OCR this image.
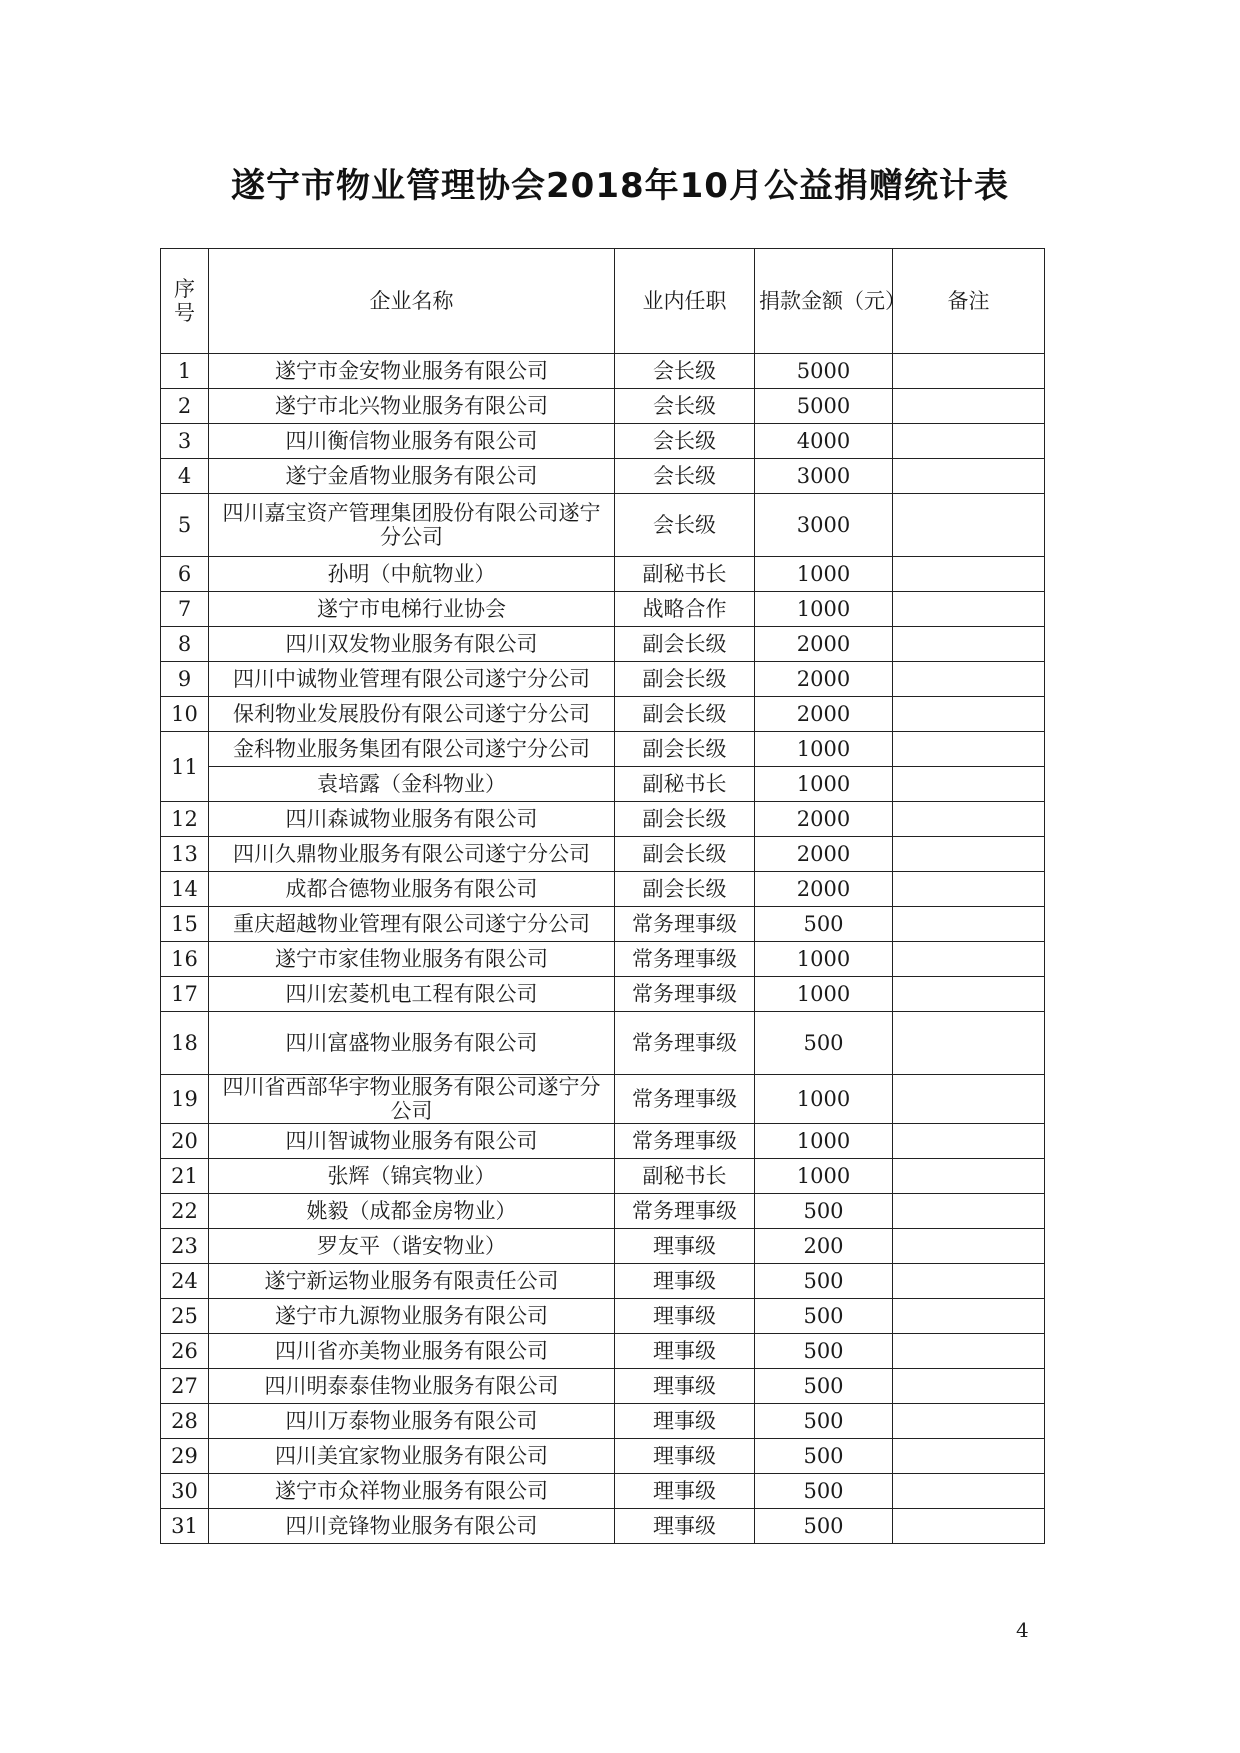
遂宁市物业管理协会2018年10月公益捐赠统计表
序号	企业名称	业内任职	捐款金额（元）	备注
1	遂宁市金安物业服务有限公司	会长级	5000	
2	遂宁市北兴物业服务有限公司	会长级	5000	
3	四川衡信物业服务有限公司	会长级	4000	
4	遂宁金盾物业服务有限公司	会长级	3000	
5	四川嘉宝资产管理集团股份有限公司遂宁分公司	会长级	3000	
6	孙明（中航物业）	副秘书长	1000	
7	遂宁市电梯行业协会	战略合作	1000	
8	四川双发物业服务有限公司	副会长级	2000	
9	四川中诚物业管理有限公司遂宁分公司	副会长级	2000	
10	保利物业发展股份有限公司遂宁分公司	副会长级	2000	
11	金科物业服务集团有限公司遂宁分公司	副会长级	1000	
	袁培露（金科物业）	副秘书长	1000	
12	四川森诚物业服务有限公司	副会长级	2000	
13	四川久鼎物业服务有限公司遂宁分公司	副会长级	2000	
14	成都合德物业服务有限公司	副会长级	2000	
15	重庆超越物业管理有限公司遂宁分公司	常务理事级	500	
16	遂宁市家佳物业服务有限公司	常务理事级	1000	
17	四川宏菱机电工程有限公司	常务理事级	1000	
18	四川富盛物业服务有限公司	常务理事级	500	
19	四川省西部华宇物业服务有限公司遂宁分公司	常务理事级	1000	
20	四川智诚物业服务有限公司	常务理事级	1000	
21	张辉（锦宾物业）	副秘书长	1000	
22	姚毅（成都金房物业）	常务理事级	500	
23	罗友平（谐安物业）	理事级	200	
24	遂宁新运物业服务有限责任公司	理事级	500	
25	遂宁市九源物业服务有限公司	理事级	500	
26	四川省亦美物业服务有限公司	理事级	500	
27	四川明泰泰佳物业服务有限公司	理事级	500	
28	四川万泰物业服务有限公司	理事级	500	
29	四川美宜家物业服务有限公司	理事级	500	
30	遂宁市众祥物业服务有限公司	理事级	500	
31	四川竞锋物业服务有限公司	理事级	500	
4
